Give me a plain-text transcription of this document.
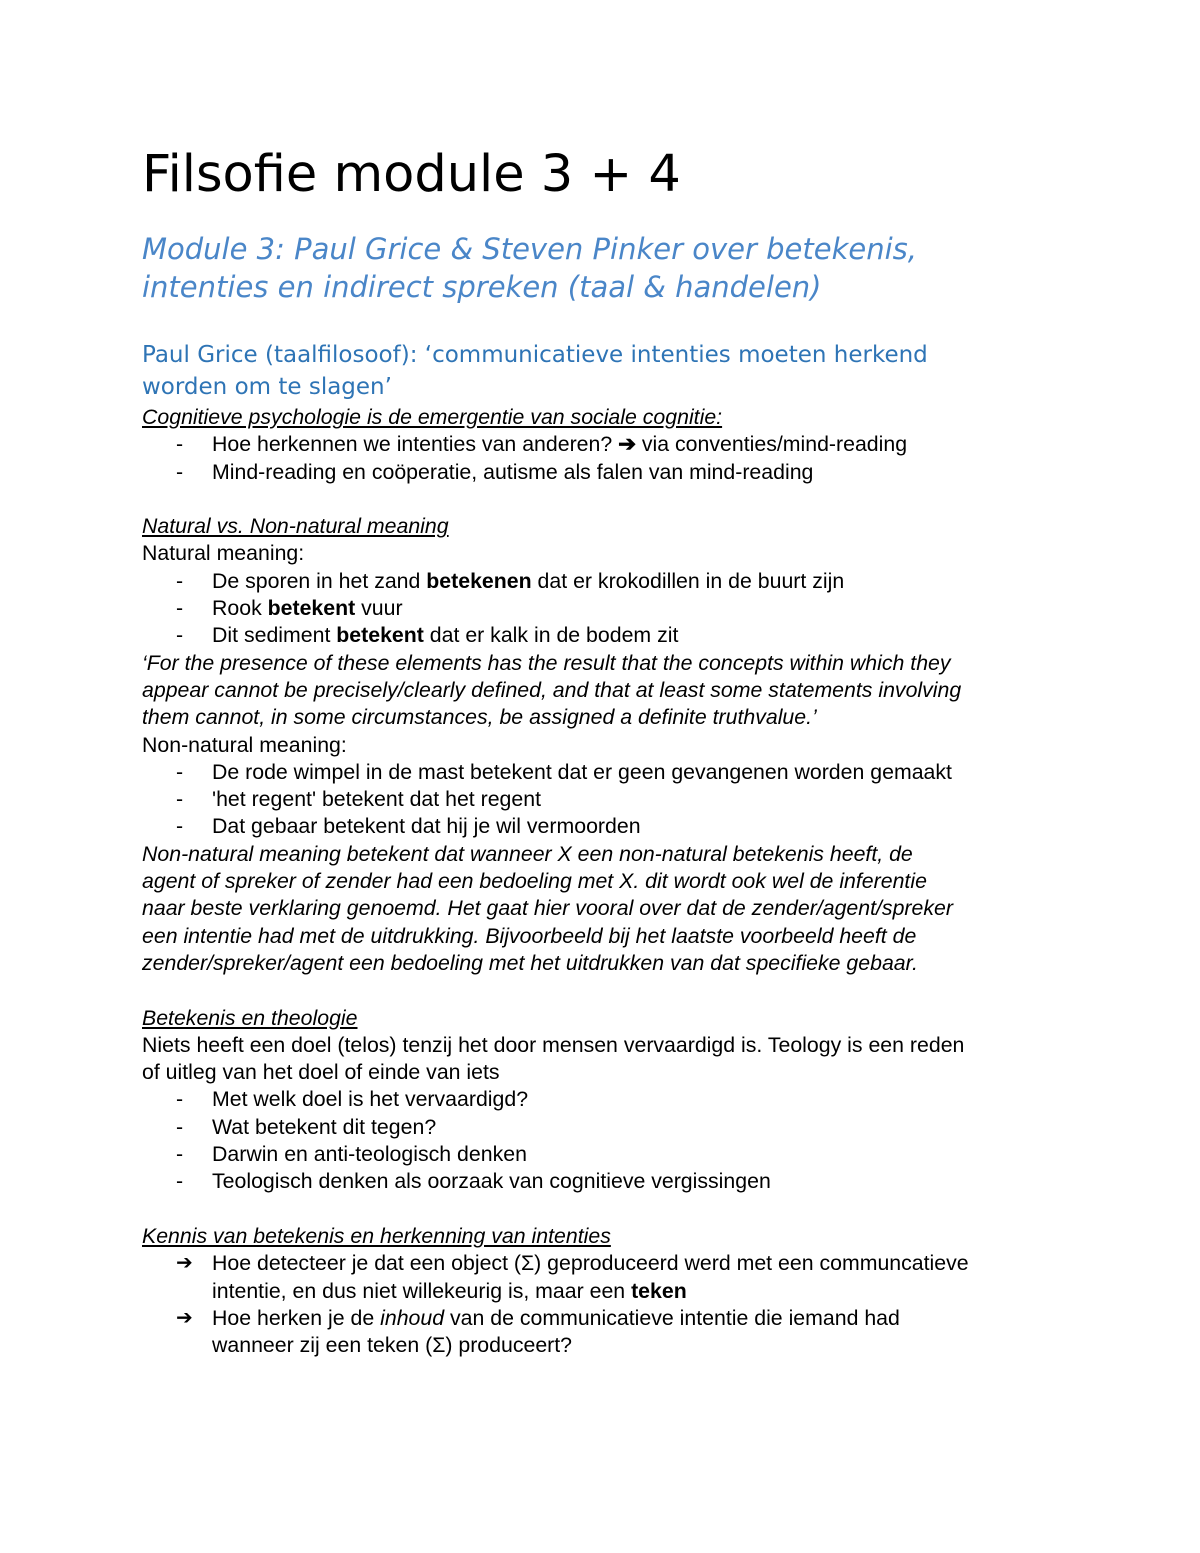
Filsofie module 3 + 4
Module 3: Paul Grice & Steven Pinker over betekenis,
intenties en indirect spreken (taal & handelen)
Paul Grice (taalfilosoof): ‘communicatieve intenties moeten herkend
worden om te slagen’
Cognitieve psychologie is de emergentie van sociale cognitie:
- Hoe herkennen we intenties van anderen? ➔ via conventies/mind-reading
- Mind-reading en coöperatie, autisme als falen van mind-reading
Natural vs. Non-natural meaning
Natural meaning:
- De sporen in het zand betekenen dat er krokodillen in de buurt zijn
- Rook betekent vuur
- Dit sediment betekent dat er kalk in de bodem zit
‘For the presence of these elements has the result that the concepts within which they
appear cannot be precisely/clearly defined, and that at least some statements involving
them cannot, in some circumstances, be assigned a definite truthvalue.’
Non-natural meaning:
- De rode wimpel in de mast betekent dat er geen gevangenen worden gemaakt
- 'het regent' betekent dat het regent
- Dat gebaar betekent dat hij je wil vermoorden
Non-natural meaning betekent dat wanneer X een non-natural betekenis heeft, de
agent of spreker of zender had een bedoeling met X. dit wordt ook wel de inferentie
naar beste verklaring genoemd. Het gaat hier vooral over dat de zender/agent/spreker
een intentie had met de uitdrukking. Bijvoorbeeld bij het laatste voorbeeld heeft de
zender/spreker/agent een bedoeling met het uitdrukken van dat specifieke gebaar.
Betekenis en theologie
Niets heeft een doel (telos) tenzij het door mensen vervaardigd is. Teology is een reden
of uitleg van het doel of einde van iets
- Met welk doel is het vervaardigd?
- Wat betekent dit tegen?
- Darwin en anti-teologisch denken
- Teologisch denken als oorzaak van cognitieve vergissingen
Kennis van betekenis en herkenning van intenties
➔ Hoe detecteer je dat een object (Σ) geproduceerd werd met een communcatieve
intentie, en dus niet willekeurig is, maar een teken
➔ Hoe herken je de inhoud van de communicatieve intentie die iemand had
wanneer zij een teken (Σ) produceert?
